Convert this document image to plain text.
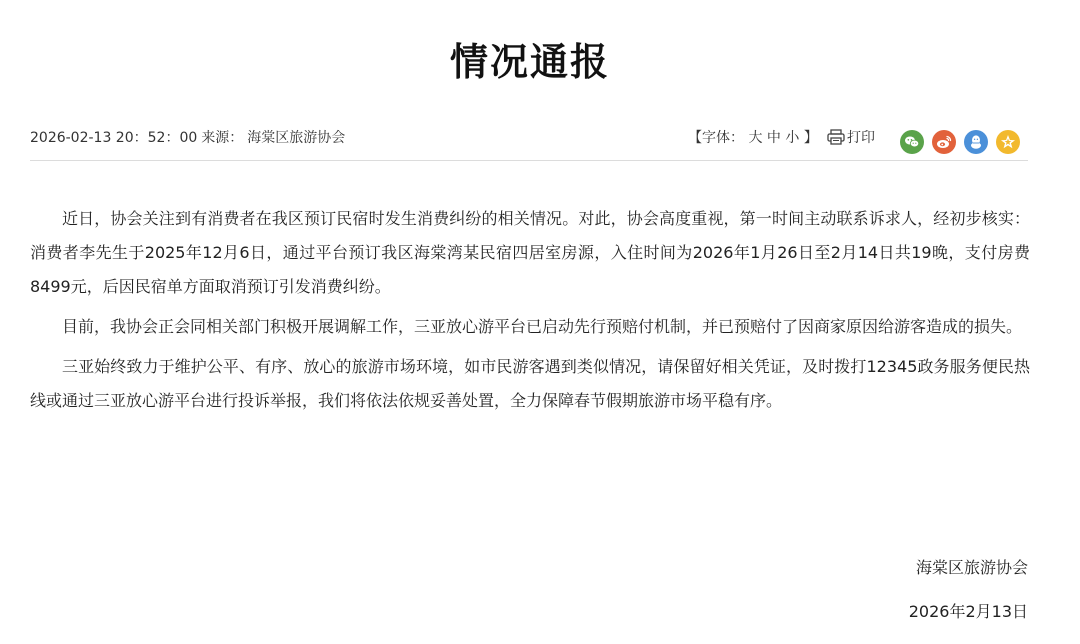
情况通报
2026-02-13 20：52：00 来源： 海棠区旅游协会	【字体： 大 中 小 】	打印

近日，协会关注到有消费者在我区预订民宿时发生消费纠纷的相关情况。对此，协会高度重视，第一时间主动联系诉求人，经初步核实：消费者李先生于2025年12月6日，通过平台预订我区海棠湾某民宿四居室房源，入住时间为2026年1月26日至2月14日共19晚，支付房费8499元，后因民宿单方面取消预订引发消费纠纷。

目前，我协会正会同相关部门积极开展调解工作，三亚放心游平台已启动先行预赔付机制，并已预赔付了因商家原因给游客造成的损失。

三亚始终致力于维护公平、有序、放心的旅游市场环境，如市民游客遇到类似情况，请保留好相关凭证，及时拨打12345政务服务便民热线或通过三亚放心游平台进行投诉举报，我们将依法依规妥善处置，全力保障春节假期旅游市场平稳有序。

海棠区旅游协会
2026年2月13日
